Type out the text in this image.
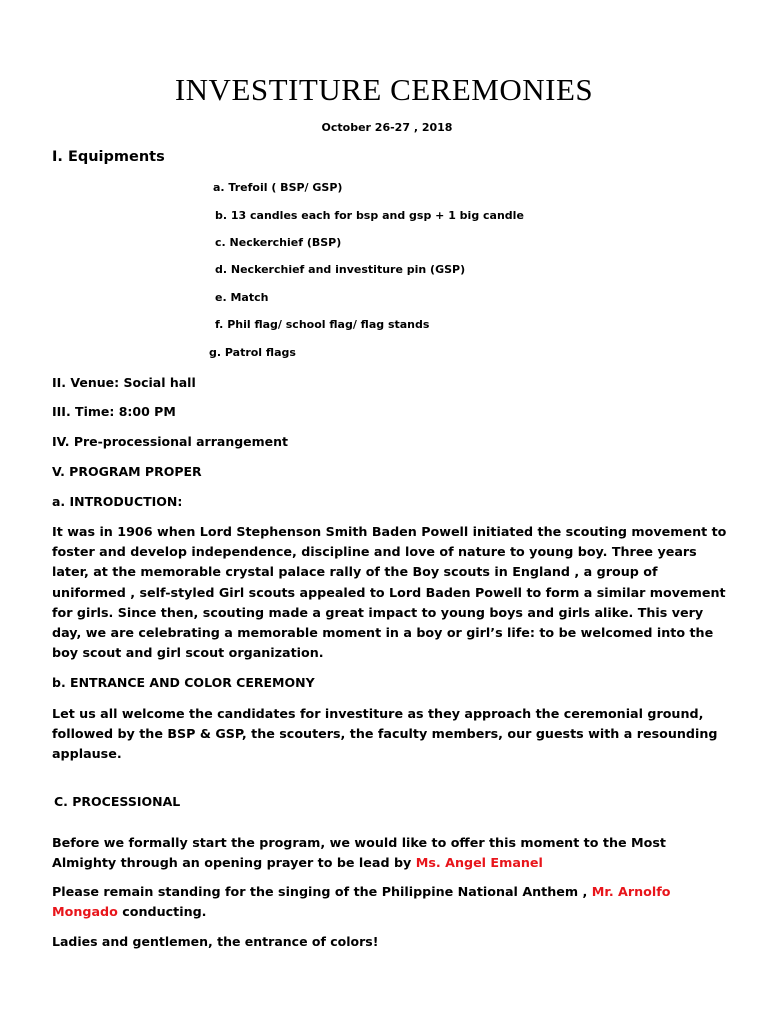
INVESTITURE CEREMONIES
October 26-27 , 2018
I. Equipments
a. Trefoil ( BSP/ GSP)
b. 13 candles each for bsp and gsp + 1 big candle
c. Neckerchief (BSP)
d. Neckerchief and investiture pin (GSP)
e. Match
f. Phil flag/ school flag/ flag stands
g. Patrol flags
II. Venue: Social hall
III. Time: 8:00 PM
IV. Pre-processional arrangement
V. PROGRAM PROPER
a. INTRODUCTION:

It was in 1906 when Lord Stephenson Smith Baden Powell initiated the scouting movement to foster and develop independence, discipline and love of nature to young boy. Three years later, at the memorable crystal palace rally of the Boy scouts in England , a group of uniformed , self-styled Girl scouts appealed to Lord Baden Powell to form a similar movement for girls. Since then, scouting made a great impact to young boys and girls alike. This very day, we are celebrating a memorable moment in a boy or girl’s life: to be welcomed into the boy scout and girl scout organization.

b. ENTRANCE AND COLOR CEREMONY

Let us all welcome the candidates for investiture as they approach the ceremonial ground, followed by the BSP & GSP, the scouters, the faculty members, our guests with a resounding applause.

C. PROCESSIONAL

Before we formally start the program, we would like to offer this moment to the Most Almighty through an opening prayer to be lead by Ms. Angel Emanel

Please remain standing for the singing of the Philippine National Anthem , Mr. Arnolfo Mongado conducting.

Ladies and gentlemen, the entrance of colors!
